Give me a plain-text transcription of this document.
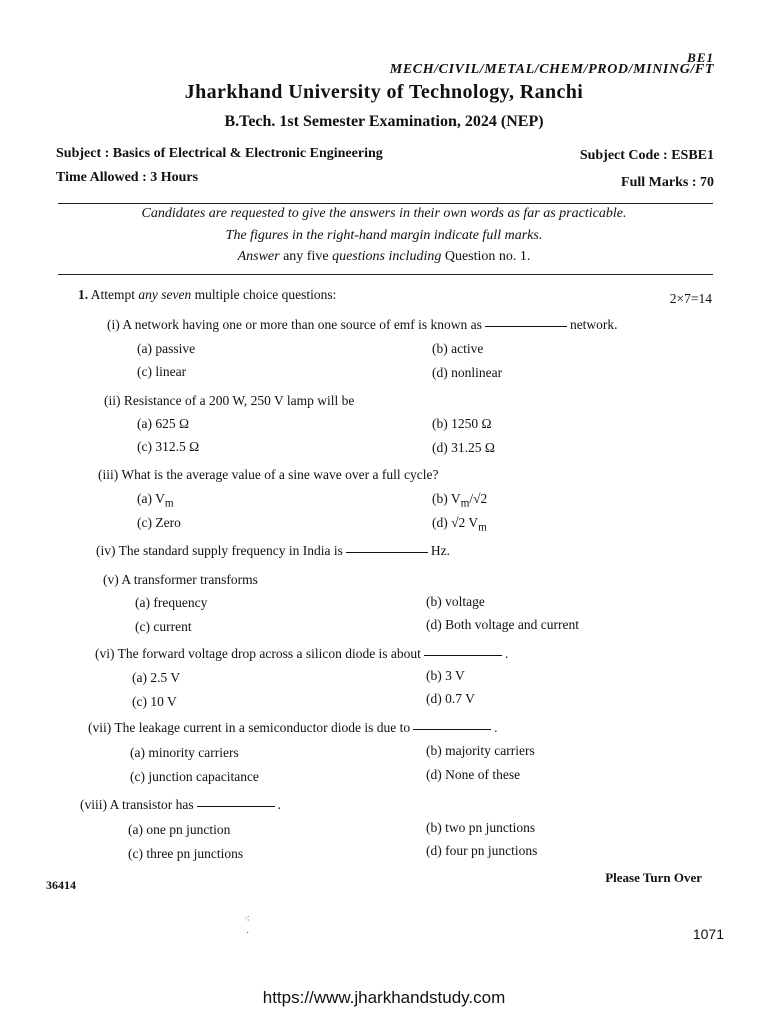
BE1
MECH/CIVIL/METAL/CHEM/PROD/MINING/FT
Jharkhand University of Technology, Ranchi
B.Tech. 1st Semester Examination, 2024 (NEP)
Subject : Basics of Electrical & Electronic Engineering	Subject Code : ESBE1
Time Allowed : 3 Hours	Full Marks : 70
Candidates are requested to give the answers in their own words as far as practicable.
The figures in the right-hand margin indicate full marks.
Answer any five questions including Question no. 1.
1. Attempt any seven multiple choice questions:	2×7=14
(i) A network having one or more than one source of emf is known as	network.
(a) passive	(b) active
(c) linear	(d) nonlinear
(ii) Resistance of a 200 W, 250 V lamp will be
(a) 625 Ω	(b) 1250 Ω
(c) 312.5 Ω	(d) 31.25 Ω
(iii) What is the average value of a sine wave over a full cycle?
(a) $V_m$	(b) $V_m/√2$
(c) Zero	(d) √2 $V_m$
(iv) The standard supply frequency in India is	Hz.
(v) A transformer transforms
(a) frequency	(b) voltage
(c) current	(d) Both voltage and current
(vi) The forward voltage drop across a silicon diode is about	.
(a) 2.5 V	(b) 3 V
(c) 10 V	(d) 0.7 V
(vii) The leakage current in a semiconductor diode is due to	.
(a) minority carriers	(b) majority carriers
(c) junction capacitance	(d) None of these
(viii) A transistor has	.
(a) one pn junction	(b) two pn junctions
(c) three pn junctions	(d) four pn junctions
36414	Please Turn Over
⁖
·	1071
https://www.jharkhandstudy.com
